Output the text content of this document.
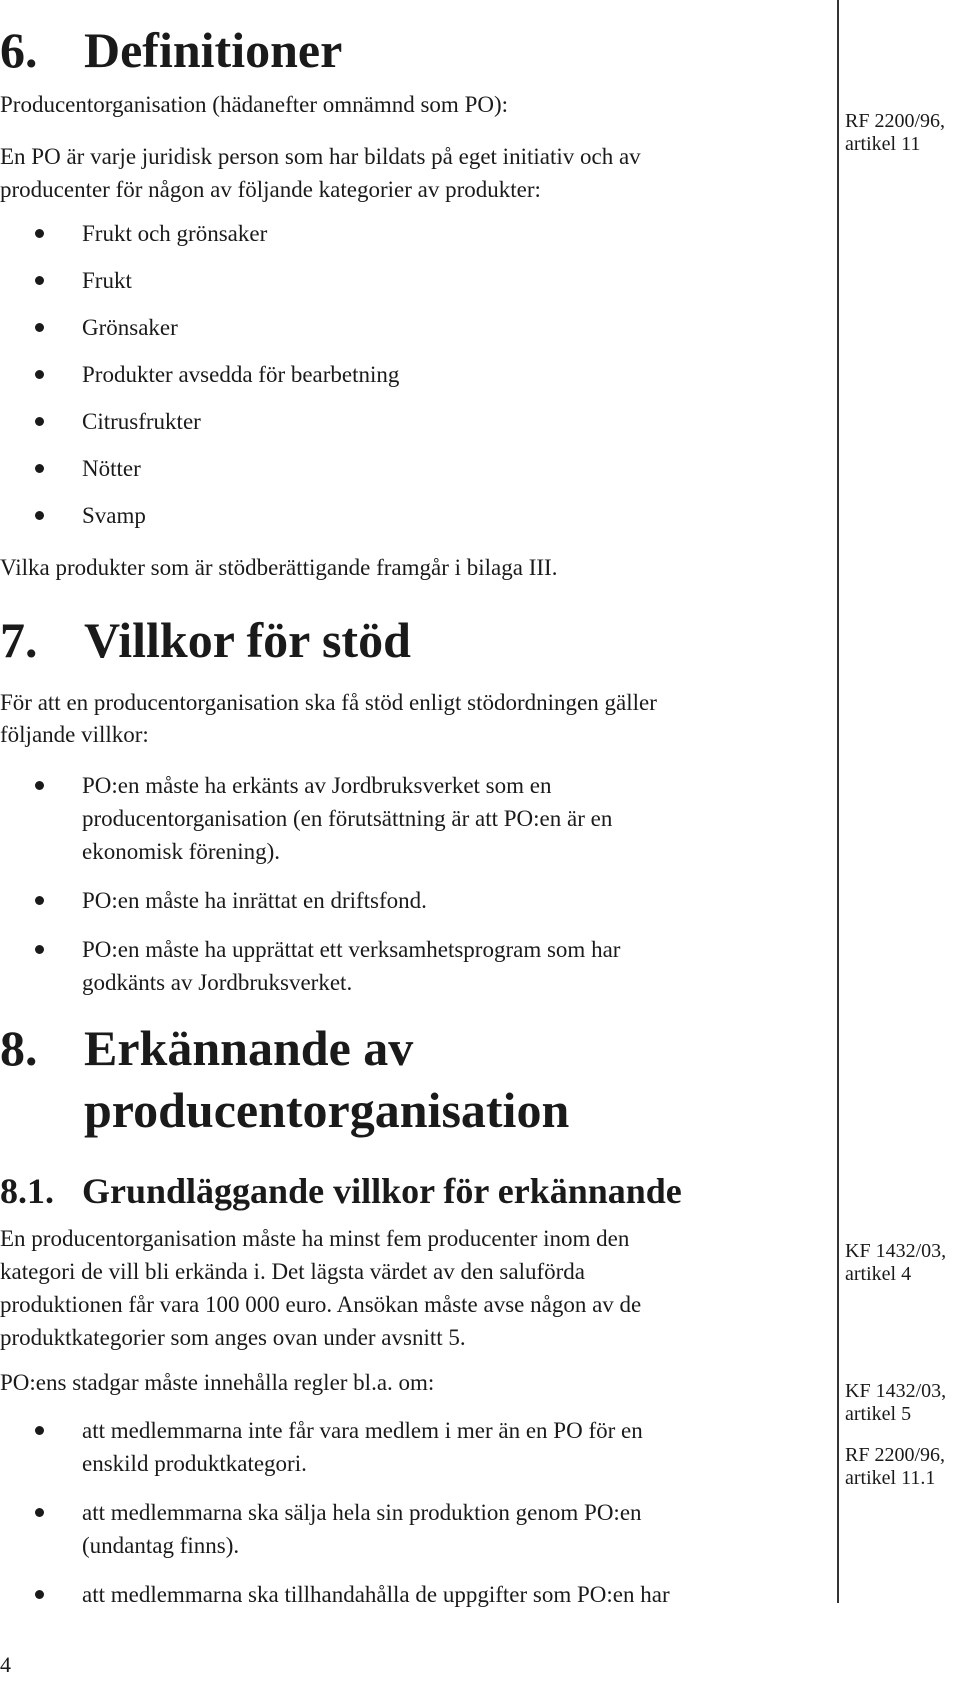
6. Definitioner
Producentorganisation (hädanefter omnämnd som PO):
En PO är varje juridisk person som har bildats på eget initiativ och av
producenter för någon av följande kategorier av produkter:
Frukt och grönsaker
Frukt
Grönsaker
Produkter avsedda för bearbetning
Citrusfrukter
Nötter
Svamp
Vilka produkter som är stödberättigande framgår i bilaga III.
7. Villkor för stöd
För att en producentorganisation ska få stöd enligt stödordningen gäller
följande villkor:
PO:en måste ha erkänts av Jordbruksverket som en
producentorganisation (en förutsättning är att PO:en är en
ekonomisk förening).
PO:en måste ha inrättat en driftsfond.
PO:en måste ha upprättat ett verksamhetsprogram som har
godkänts av Jordbruksverket.
8. Erkännande av
producentorganisation
8.1. Grundläggande villkor för erkännande
En producentorganisation måste ha minst fem producenter inom den
kategori de vill bli erkända i. Det lägsta värdet av den saluförda
produktionen får vara 100 000 euro. Ansökan måste avse någon av de
produktkategorier som anges ovan under avsnitt 5.
PO:ens stadgar måste innehålla regler bl.a. om:
att medlemmarna inte får vara medlem i mer än en PO för en
enskild produktkategori.
att medlemmarna ska sälja hela sin produktion genom PO:en
(undantag finns).
att medlemmarna ska tillhandahålla de uppgifter som PO:en har
RF 2200/96,
artikel 11
KF 1432/03,
artikel 4
KF 1432/03,
artikel 5
RF 2200/96,
artikel 11.1
4
